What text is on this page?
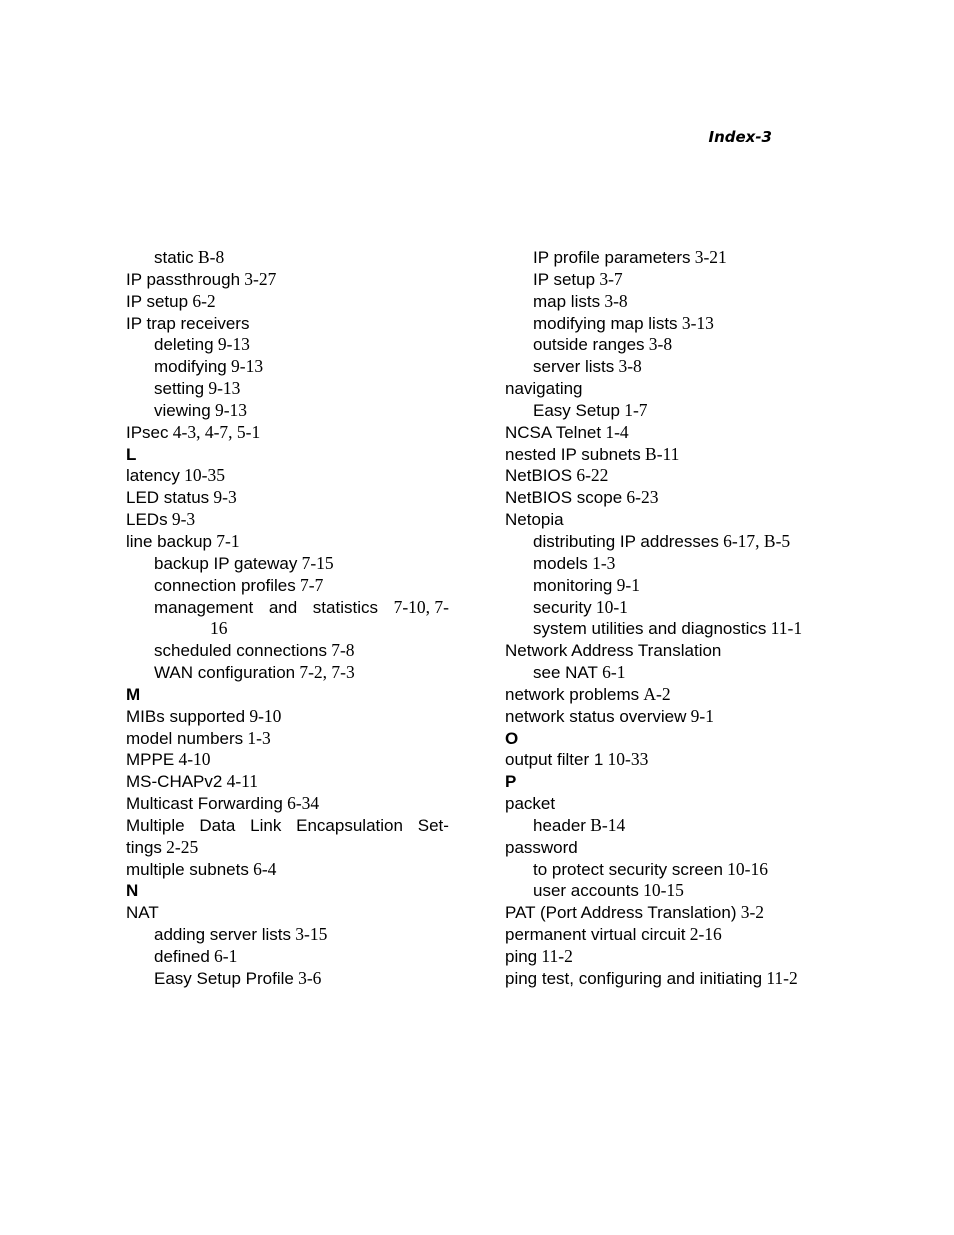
Index-3
static B-8
IP passthrough 3-27
IP setup 6-2
IP trap receivers
deleting 9-13
modifying 9-13
setting 9-13
viewing 9-13
IPsec 4-3, 4-7, 5-1
L
latency 10-35
LED status 9-3
LEDs 9-3
line backup 7-1
backup IP gateway 7-15
connection profiles 7-7
management and statistics 7-10, 7-
16
scheduled connections 7-8
WAN configuration 7-2, 7-3
M
MIBs supported 9-10
model numbers 1-3
MPPE 4-10
MS-CHAPv2 4-11
Multicast Forwarding 6-34
Multiple Data Link Encapsulation Set-
tings 2-25
multiple subnets 6-4
N
NAT
adding server lists 3-15
defined 6-1
Easy Setup Profile 3-6
IP profile parameters 3-21
IP setup 3-7
map lists 3-8
modifying map lists 3-13
outside ranges 3-8
server lists 3-8
navigating
Easy Setup 1-7
NCSA Telnet 1-4
nested IP subnets B-11
NetBIOS 6-22
NetBIOS scope 6-23
Netopia
distributing IP addresses 6-17, B-5
models 1-3
monitoring 9-1
security 10-1
system utilities and diagnostics 11-1
Network Address Translation
see NAT 6-1
network problems A-2
network status overview 9-1
O
output filter 1 10-33
P
packet
header B-14
password
to protect security screen 10-16
user accounts 10-15
PAT (Port Address Translation) 3-2
permanent virtual circuit 2-16
ping 11-2
ping test, configuring and initiating 11-2
